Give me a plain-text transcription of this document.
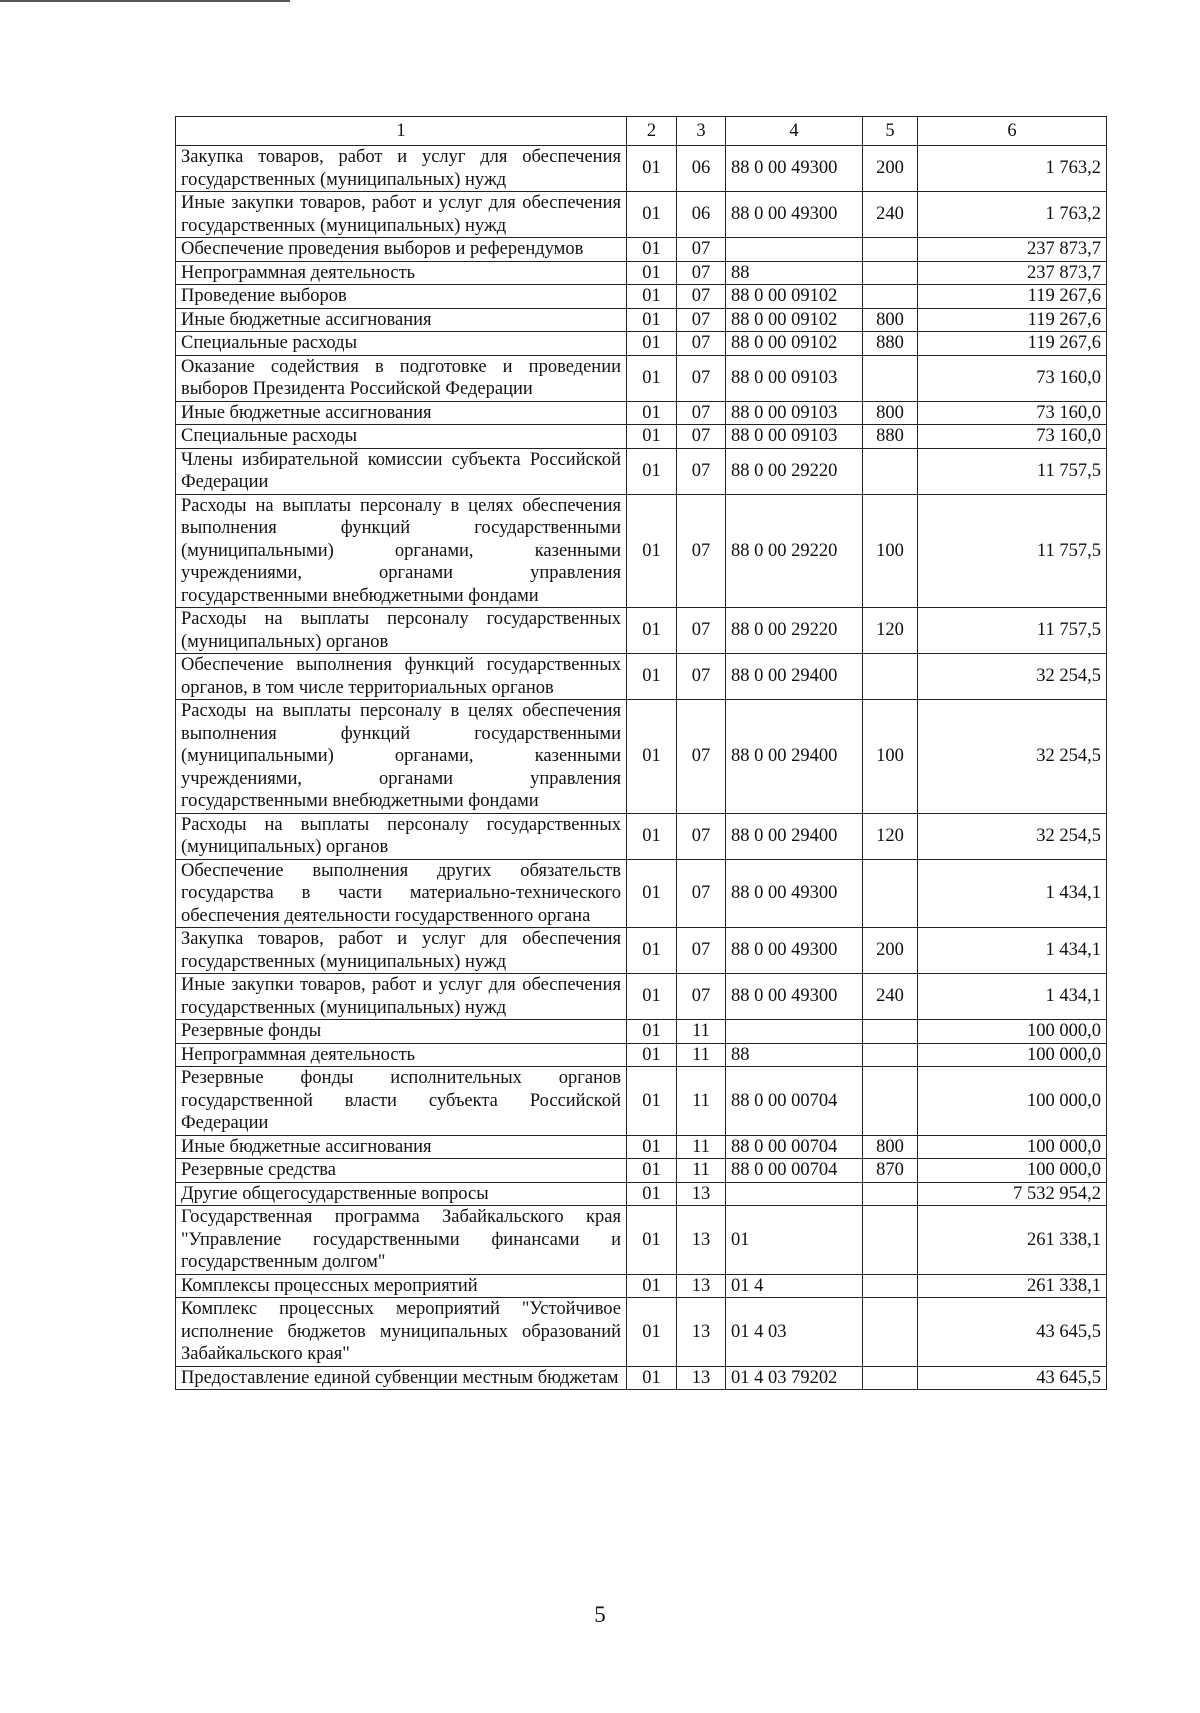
1	2	3	4	5	6
Закупка товаров, работ и услуг для обеспечения государственных (муниципальных) нужд	01	06	88 0 00 49300	200	1 763,2
Иные закупки товаров, работ и услуг для обеспечения государственных (муниципальных) нужд	01	06	88 0 00 49300	240	1 763,2
Обеспечение проведения выборов и референдумов	01	07			237 873,7
Непрограммная деятельность	01	07	88		237 873,7
Проведение выборов	01	07	88 0 00 09102		119 267,6
Иные бюджетные ассигнования	01	07	88 0 00 09102	800	119 267,6
Специальные расходы	01	07	88 0 00 09102	880	119 267,6
Оказание содействия в подготовке и проведении выборов Президента Российской Федерации	01	07	88 0 00 09103		73 160,0
Иные бюджетные ассигнования	01	07	88 0 00 09103	800	73 160,0
Специальные расходы	01	07	88 0 00 09103	880	73 160,0
Члены избирательной комиссии субъекта Российской Федерации	01	07	88 0 00 29220		11 757,5
Расходы на выплаты персоналу в целях обеспечения выполнения функций государственными (муниципальными) органами, казенными учреждениями, органами управления государственными внебюджетными фондами	01	07	88 0 00 29220	100	11 757,5
Расходы на выплаты персоналу государственных (муниципальных) органов	01	07	88 0 00 29220	120	11 757,5
Обеспечение выполнения функций государственных органов, в том числе территориальных органов	01	07	88 0 00 29400		32 254,5
Расходы на выплаты персоналу в целях обеспечения выполнения функций государственными (муниципальными) органами, казенными учреждениями, органами управления государственными внебюджетными фондами	01	07	88 0 00 29400	100	32 254,5
Расходы на выплаты персоналу государственных (муниципальных) органов	01	07	88 0 00 29400	120	32 254,5
Обеспечение выполнения других обязательств государства в части материально-технического обеспечения деятельности государственного органа	01	07	88 0 00 49300		1 434,1
Закупка товаров, работ и услуг для обеспечения государственных (муниципальных) нужд	01	07	88 0 00 49300	200	1 434,1
Иные закупки товаров, работ и услуг для обеспечения государственных (муниципальных) нужд	01	07	88 0 00 49300	240	1 434,1
Резервные фонды	01	11			100 000,0
Непрограммная деятельность	01	11	88		100 000,0
Резервные фонды исполнительных органов государственной власти субъекта Российской Федерации	01	11	88 0 00 00704		100 000,0
Иные бюджетные ассигнования	01	11	88 0 00 00704	800	100 000,0
Резервные средства	01	11	88 0 00 00704	870	100 000,0
Другие общегосударственные вопросы	01	13			7 532 954,2
Государственная программа Забайкальского края "Управление государственными финансами и государственным долгом"	01	13	01		261 338,1
Комплексы процессных мероприятий	01	13	01 4		261 338,1
Комплекс процессных мероприятий "Устойчивое исполнение бюджетов муниципальных образований Забайкальского края"	01	13	01 4 03		43 645,5
Предоставление единой субвенции местным бюджетам	01	13	01 4 03 79202		43 645,5
5
